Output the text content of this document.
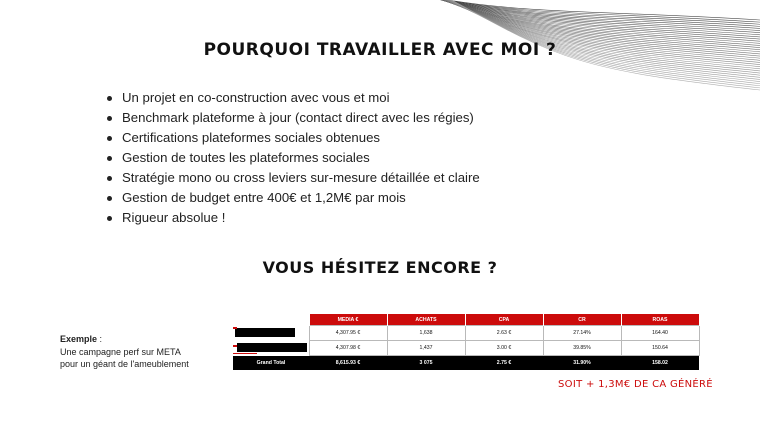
POURQUOI TRAVAILLER AVEC MOI ?
Un projet en co-construction avec vous et moi
Benchmark plateforme à jour (contact direct avec les régies)
Certifications plateformes sociales obtenues
Gestion de toutes les plateformes sociales
Stratégie mono ou cross leviers sur-mesure détaillée et claire
Gestion de budget entre 400€ et 1,2M€ par mois
Rigueur absolue !
VOUS HÉSITEZ ENCORE ?
Exemple :
Une campagne perf sur META
pour un géant de l'ameublement
	MEDIA €	ACHATS	CPA	CR	ROAS

	4,307.95 €	1,638	2.63 €	27.14%	164.40

	4,307.98 €	1,437	3.00 €	39.85%	150.64
Grand Total	8,615.93 €	3 075	2.75 €	31.90%	158.02
SOIT + 1,3M€ DE CA GÉNÉRÉ
